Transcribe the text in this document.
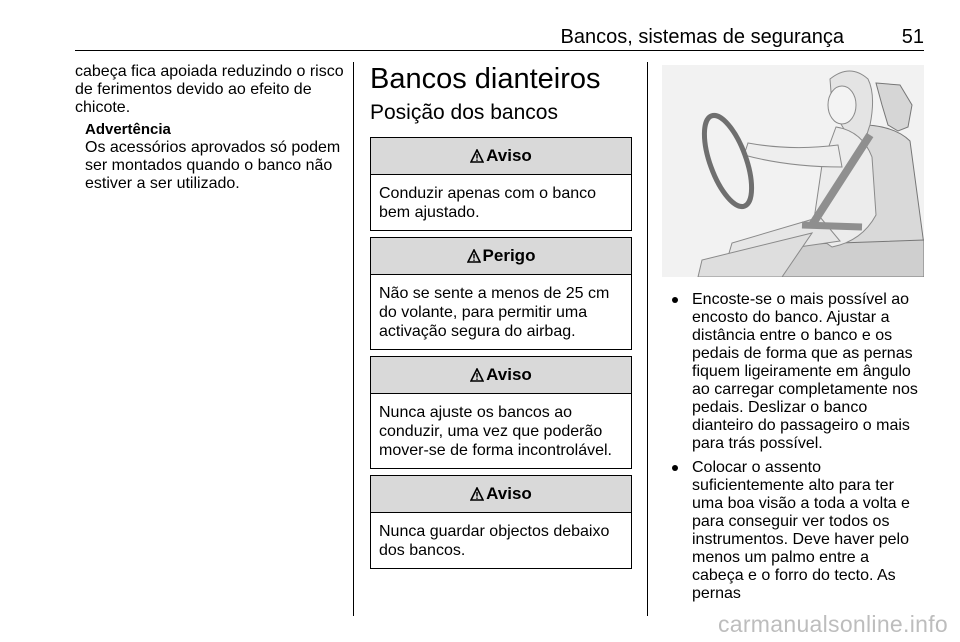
Bancos, sistemas de segurança	51

cabeça fica apoiada reduzindo o risco de ferimentos devido ao efeito de chicote.

Advertência
Os acessórios aprovados só podem ser montados quando o banco não estiver a ser utilizado.
Bancos dianteiros
Posição dos bancos
Aviso
Conduzir apenas com o banco bem ajustado.
Perigo
Não se sente a menos de 25 cm do volante, para permitir uma activação segura do airbag.
Aviso
Nunca ajuste os bancos ao conduzir, uma vez que poderão mover-se de forma incontrolável.
Aviso
Nunca guardar objectos debaixo dos bancos.
Encoste-se o mais possível ao encosto do banco. Ajustar a distância entre o banco e os pedais de forma que as pernas fiquem ligeiramente em ângulo ao carregar completamente nos pedais. Deslizar o banco dianteiro do passageiro o mais para trás possível.
Colocar o assento suficientemente alto para ter uma boa visão a toda a volta e para conseguir ver todos os instrumentos. Deve haver pelo menos um palmo entre a cabeça e o forro do tecto. As pernas
carmanualsonline.info
